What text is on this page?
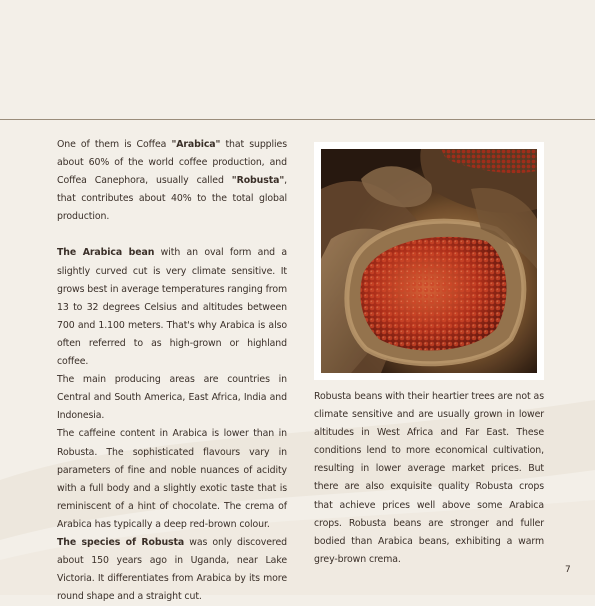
One of them is Coffea "Arabica" that supplies about 60% of the world coffee production, and Coffea Canephora, usually called "Robusta", that contributes about 40% to the total global production.

The Arabica bean with an oval form and a slightly curved cut is very climate sensitive. It grows best in average temperatures ranging from 13 to 32 degrees Celsius and altitudes between 700 and 1.100 meters. That's why Arabica is also often referred to as high-grown or highland coffee.

The main producing areas are countries in Central and South America, East Africa, India and Indonesia.

The caffeine content in Arabica is lower than in Robusta. The sophisticated flavours vary in parameters of fine and noble nuances of acidity with a full body and a slightly exotic taste that is reminiscent of a hint of chocolate. The crema of Arabica has typically a deep red-brown colour.

The species of Robusta was only discovered about 150 years ago in Uganda, near Lake Victoria. It differentiates from Arabica by its more round shape and a straight cut.

Robusta beans with their heartier trees are not as climate sensitive and are usually grown in lower altitudes in West Africa and Far East. These conditions lend to more economical cultivation, resulting in lower average market prices. But there are also exquisite quality Robusta crops that achieve prices well above some Arabica crops. Robusta beans are stronger and fuller bodied than Arabica beans, exhibiting a warm grey-brown crema.

7
